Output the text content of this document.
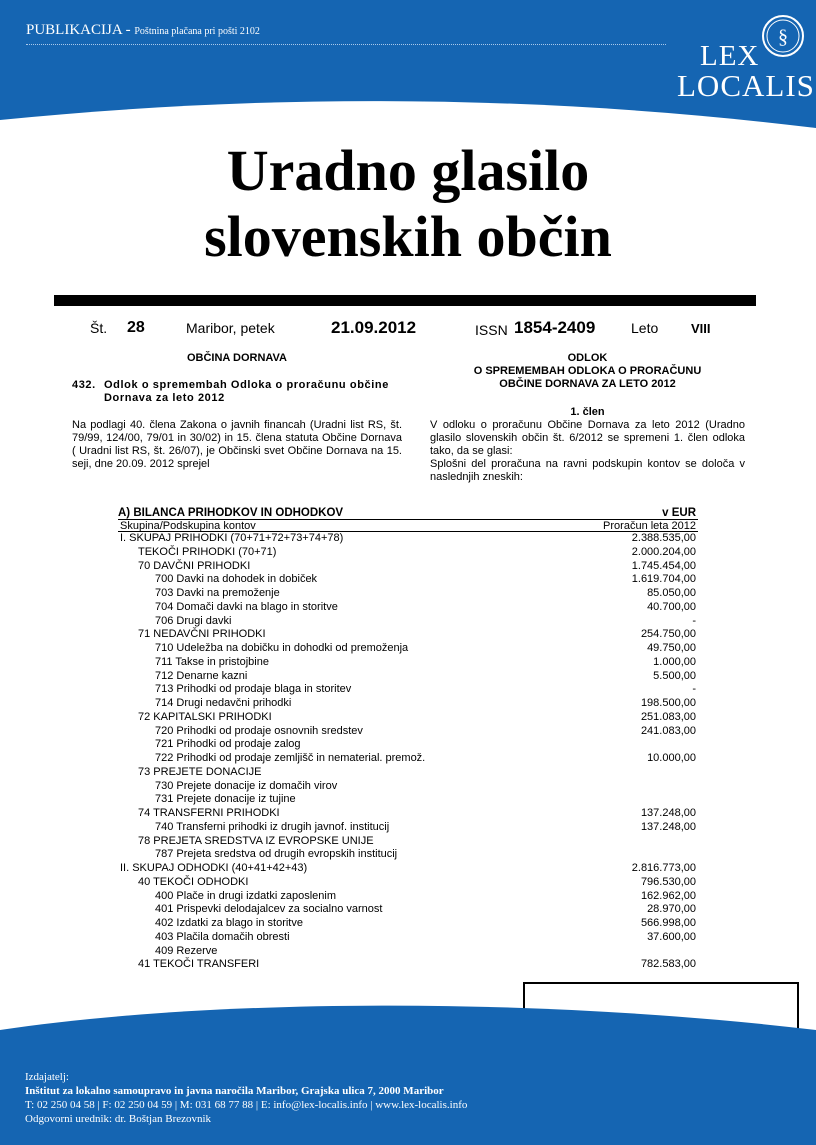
PUBLIKACIJA - Poštnina plačana pri pošti 2102	§
LEX
LOCALIS
Uradno glasilo
slovenskih občin
Št. 28	Maribor, petek	21.09.2012	ISSN 1854-2409	Leto	VIII
OBČINA DORNAVA
432. Odlok o spremembah Odloka o proračunu občine Dornava za leto 2012
Na podlagi 40. člena Zakona o javnih financah (Uradni list RS, št. 79/99, 124/00, 79/01 in 30/02) in 15. člena statuta Občine Dornava ( Uradni list RS, št. 26/07), je Občinski svet Občine Dornava na 15. seji, dne 20.09. 2012 sprejel
ODLOK
O SPREMEMBAH ODLOKA O PRORAČUNU
OBČINE DORNAVA ZA LETO 2012
1. člen
V odloku o proračunu Občine Dornava za leto 2012 (Uradno glasilo slovenskih občin št. 6/2012 se spremeni 1. člen odloka tako, da se glasi:
Splošni del proračuna na ravni podskupin kontov se določa v naslednjih zneskih:
A) BILANCA PRIHODKOV IN ODHODKOV	v EUR
Skupina/Podskupina kontov	Proračun leta 2012
I. SKUPAJ PRIHODKI (70+71+72+73+74+78)	2.388.535,00
TEKOČI PRIHODKI (70+71)	2.000.204,00
70 DAVČNI PRIHODKI	1.745.454,00
700 Davki na dohodek in dobiček	1.619.704,00
703 Davki na premoženje	85.050,00
704 Domači davki na blago in storitve	40.700,00
706 Drugi davki	-
71 NEDAVČNI PRIHODKI	254.750,00
710 Udeležba na dobičku in dohodki od premoženja	49.750,00
711 Takse in pristojbine	1.000,00
712 Denarne kazni	5.500,00
713 Prihodki od prodaje blaga in storitev	-
714 Drugi nedavčni prihodki	198.500,00
72 KAPITALSKI PRIHODKI	251.083,00
720 Prihodki od prodaje osnovnih sredstev	241.083,00
721 Prihodki od prodaje zalog
722 Prihodki od prodaje zemljišč in nematerial. premož.	10.000,00
73 PREJETE DONACIJE
730 Prejete donacije iz domačih virov
731 Prejete donacije iz tujine
74 TRANSFERNI PRIHODKI	137.248,00
740 Transferni prihodki iz drugih javnof. institucij	137.248,00
78 PREJETA SREDSTVA IZ EVROPSKE UNIJE
787 Prejeta sredstva od drugih evropskih institucij
II. SKUPAJ ODHODKI (40+41+42+43)	2.816.773,00
40 TEKOČI ODHODKI	796.530,00
400 Plače in drugi izdatki zaposlenim	162.962,00
401 Prispevki delodajalcev za socialno varnost	28.970,00
402 Izdatki za blago in storitve	566.998,00
403 Plačila domačih obresti	37.600,00
409 Rezerve
41 TEKOČI TRANSFERI	782.583,00
Izdajatelj:
Inštitut za lokalno samoupravo in javna naročila Maribor, Grajska ulica 7, 2000 Maribor
T: 02 250 04 58 | F: 02 250 04 59 | M: 031 68 77 88 | E: info@lex-localis.info | www.lex-localis.info
Odgovorni urednik: dr. Boštjan Brezovnik
